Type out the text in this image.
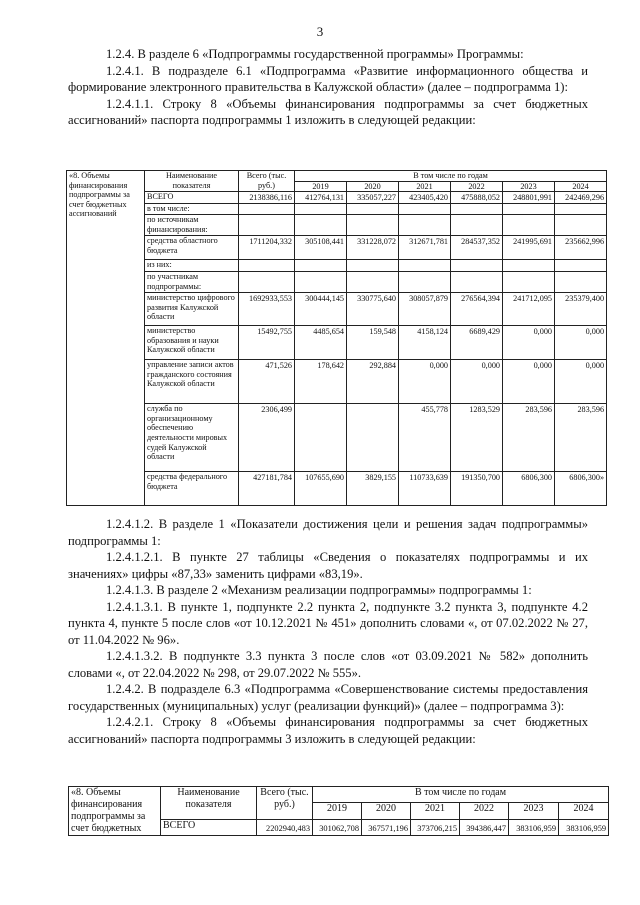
3

1.2.4. В разделе 6 «Подпрограммы государственной программы» Программы:

1.2.4.1. В подразделе 6.1 «Подпрограмма «Развитие информационного общества и формирование электронного правительства в Калужской области» (далее – подпрограмма 1):

1.2.4.1.1. Строку 8 «Объемы финансирования подпрограммы за счет бюджетных ассигнований» паспорта подпрограммы 1 изложить в следующей редакции:

«8. Объемы финансирования подпрограммы за счет бюджетных ассигнований	Наименование показателя	Всего (тыс. руб.)	В том числе по годам					
			2019	2020	2021	2022	2023	2024
	ВСЕГО	2138386,116	412764,131	335057,227	423405,420	475888,052	248801,991	242469,296
	в том числе:							
	по источникам финансирования:							
	средства областного бюджета	1711204,332	305108,441	331228,072	312671,781	284537,352	241995,691	235662,996
	из них:							
	по участникам подпрограммы:							
	министерство цифрового развития Калужской области	1692933,553	300444,145	330775,640	308057,879	276564,394	241712,095	235379,400
	министерство образования и науки Калужской области	15492,755	4485,654	159,548	4158,124	6689,429	0,000	0,000
	управление записи актов гражданского состояния Калужской области	471,526	178,642	292,884	0,000	0,000	0,000	0,000
	служба по организационному обеспечению деятельности мировых судей Калужской области	2306,499			455,778	1283,529	283,596	283,596
	средства федерального бюджета	427181,784	107655,690	3829,155	110733,639	191350,700	6806,300	6806,300»

1.2.4.1.2. В разделе 1 «Показатели достижения цели и решения задач подпрограммы» подпрограммы 1:

1.2.4.1.2.1. В пункте 27 таблицы «Сведения о показателях подпрограммы и их значениях» цифры «87,33» заменить цифрами «83,19».

1.2.4.1.3. В разделе 2 «Механизм реализации подпрограммы» подпрограммы 1:

1.2.4.1.3.1. В пункте 1, подпункте 2.2 пункта 2, подпункте 3.2 пункта 3, подпункте 4.2 пункта 4, пункте 5 после слов «от 10.12.2021 № 451» дополнить словами «, от 07.02.2022 № 27, от 11.04.2022 № 96».

1.2.4.1.3.2. В подпункте 3.3 пункта 3 после слов «от 03.09.2021 № 582» дополнить словами «, от 22.04.2022 № 298, от 29.07.2022 № 555».

1.2.4.2. В подразделе 6.3 «Подпрограмма «Совершенствование системы предоставления государственных (муниципальных) услуг (реализации функций)» (далее – подпрограмма 3):

1.2.4.2.1. Строку 8 «Объемы финансирования подпрограммы за счет бюджетных ассигнований» паспорта подпрограммы 3 изложить в следующей редакции:

«8. Объемы финансирования подпрограммы за счет бюджетных	Наименование показателя	Всего (тыс. руб.)	В том числе по годам					
			2019	2020	2021	2022	2023	2024
	ВСЕГО	2202940,483	301062,708	367571,196	373706,215	394386,447	383106,959	383106,959
